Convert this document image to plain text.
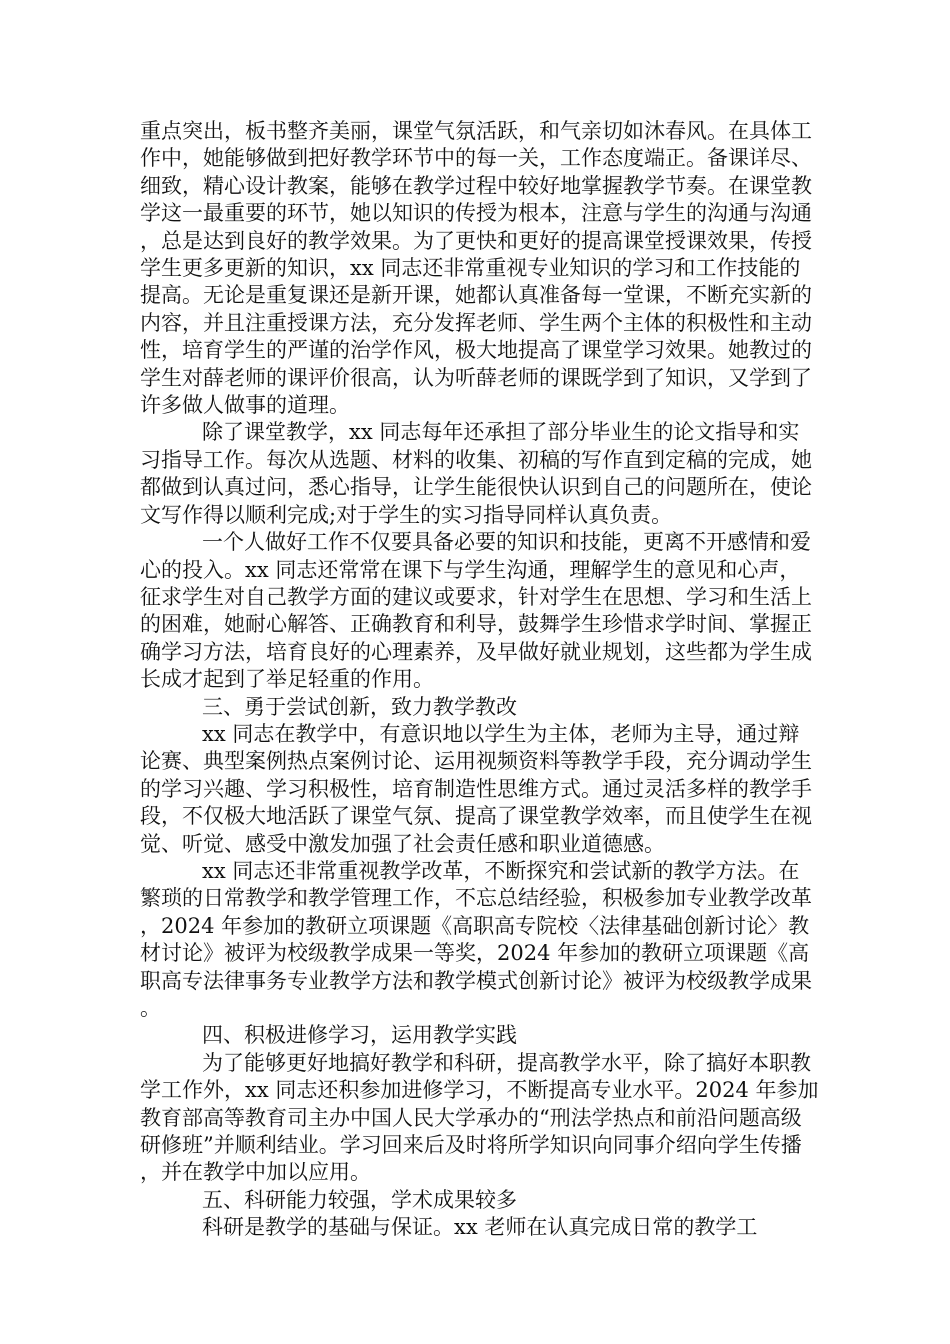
重点突出，板书整齐美丽，课堂气氛活跃，和气亲切如沐春风。在具体工作中，她能够做到把好教学环节中的每一关，工作态度端正。备课详尽、细致，精心设计教案，能够在教学过程中较好地掌握教学节奏。在课堂教学这一最重要的环节，她以知识的传授为根本，注意与学生的沟通与沟通，总是达到良好的教学效果。为了更快和更好的提高课堂授课效果，传授学生更多更新的知识，xx 同志还非常重视专业知识的学习和工作技能的提高。无论是重复课还是新开课，她都认真准备每一堂课，不断充实新的内容，并且注重授课方法，充分发挥老师、学生两个主体的积极性和主动性，培育学生的严谨的治学作风，极大地提高了课堂学习效果。她教过的学生对薛老师的课评价很高，认为听薛老师的课既学到了知识，又学到了许多做人做事的道理。

除了课堂教学，xx 同志每年还承担了部分毕业生的论文指导和实习指导工作。每次从选题、材料的收集、初稿的写作直到定稿的完成，她都做到认真过问，悉心指导，让学生能很快认识到自己的问题所在，使论文写作得以顺利完成;对于学生的实习指导同样认真负责。

一个人做好工作不仅要具备必要的知识和技能，更离不开感情和爱心的投入。xx 同志还常常在课下与学生沟通，理解学生的意见和心声，征求学生对自己教学方面的建议或要求，针对学生在思想、学习和生活上的困难，她耐心解答、正确教育和利导，鼓舞学生珍惜求学时间、掌握正确学习方法，培育良好的心理素养，及早做好就业规划，这些都为学生成长成才起到了举足轻重的作用。

三、勇于尝试创新，致力教学教改

xx 同志在教学中，有意识地以学生为主体，老师为主导，通过辩论赛、典型案例热点案例讨论、运用视频资料等教学手段，充分调动学生的学习兴趣、学习积极性，培育制造性思维方式。通过灵活多样的教学手段，不仅极大地活跃了课堂气氛、提高了课堂教学效率，而且使学生在视觉、听觉、感受中激发加强了社会责任感和职业道德感。

xx 同志还非常重视教学改革，不断探究和尝试新的教学方法。在繁琐的日常教学和教学管理工作，不忘总结经验，积极参加专业教学改革，2024 年参加的教研立项课题《高职高专院校〈法律基础创新讨论〉教材讨论》被评为校级教学成果一等奖，2024 年参加的教研立项课题《高职高专法律事务专业教学方法和教学模式创新讨论》被评为校级教学成果。

四、积极进修学习，运用教学实践

为了能够更好地搞好教学和科研，提高教学水平，除了搞好本职教学工作外，xx 同志还积参加进修学习，不断提高专业水平。2024 年参加教育部高等教育司主办中国人民大学承办的“刑法学热点和前沿问题高级研修班”并顺利结业。学习回来后及时将所学知识向同事介绍向学生传播，并在教学中加以应用。

五、科研能力较强，学术成果较多

科研是教学的基础与保证。xx 老师在认真完成日常的教学工
